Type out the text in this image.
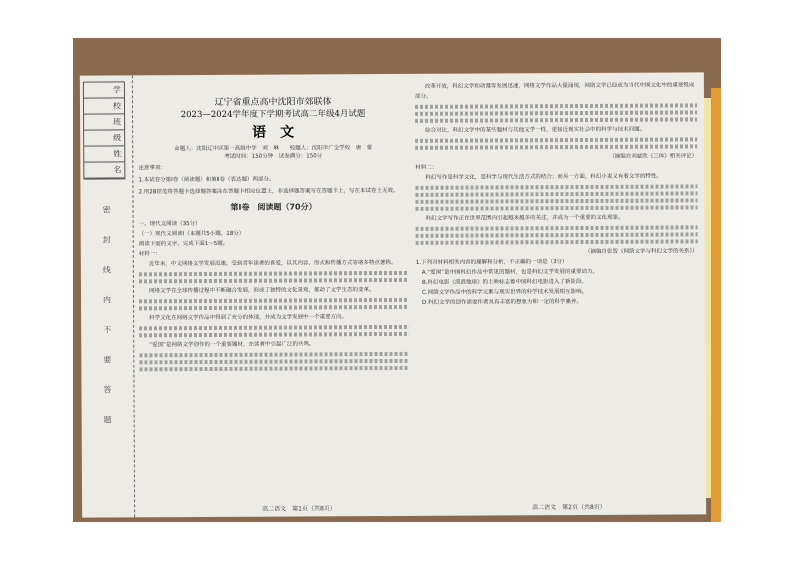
学
校
班
级
姓
名
密
封
线
内
不
要
答
题
辽宁省重点高中沈阳市郊联体
2023—2024学年度下学期考试高二年级4月试题
语　文
命题人：沈阳辽中区第一高级中学　刘　琳　　校题人：沈阳市广全学校　唐　蕾
考试时间：150分钟　试卷满分：150分
注意事项：
1.本试卷分第Ⅰ卷（阅读题）和第Ⅱ卷（表达题）两部分。
2.用2B铅笔将答题卡选择题答案涂在答题卡相应位置上，非选择题答案写在答题卡上，写在本试卷上无效。
第Ⅰ卷　阅读题（70分）
一、现代文阅读（35分）
（一）现代文阅读Ⅰ（本题共5小题，18分）
阅读下面的文字，完成下面1～5题。
材料一：
近年来，中文网络文学发展迅速，受到青年读者的喜爱，以其内容、形式和传播方式等诸多特点著称。
网络文学在全球传播过程中不断融合发展，形成了独特的文化景观，推动了文学生态的变革。
科学文化在网络文学作品中得到了充分的体现，并成为文学发展中一个重要方向。
“爱国”是网络文学创作的一个重要题材，在读者中引起广泛的共鸣。
改革开放，科幻文学和动漫等发展迅速，网络文学作品大量涌现，网络文学已经成为当代中国文化中的重要组成部分。
综合对比，科幻文学中的某些题材与其他文学一样，更接近现实社会中的科学与技术问题。
（摘编自刘慈欣《三体》相关评论）
材料二：
科幻写作是科学文化，是科学与现代生活方式的结合；而另一方面，科幻小说又有着文学的特性。
科幻文学写作正在世界范围内引起越来越多的关注，并成为一个重要的文化现象。
（摘编自张智《网络文学与科幻文学的关系》）
1.下列对材料相关内容的理解和分析，不正确的一项是（3分）
A.“爱国”是中国科幻作品中常见的题材，也是科幻文学发展的重要动力。
B.科幻电影《流浪地球》的上映标志着中国科幻电影进入了新阶段。
C.网络文学作品中的科学元素与现实世界的科学技术发展相互影响。
D.科幻文学的创作需要作者具有丰富的想象力和一定的科学素养。
高二语文　 第1页（共8页）	高二语文　 第2页（共8页）
